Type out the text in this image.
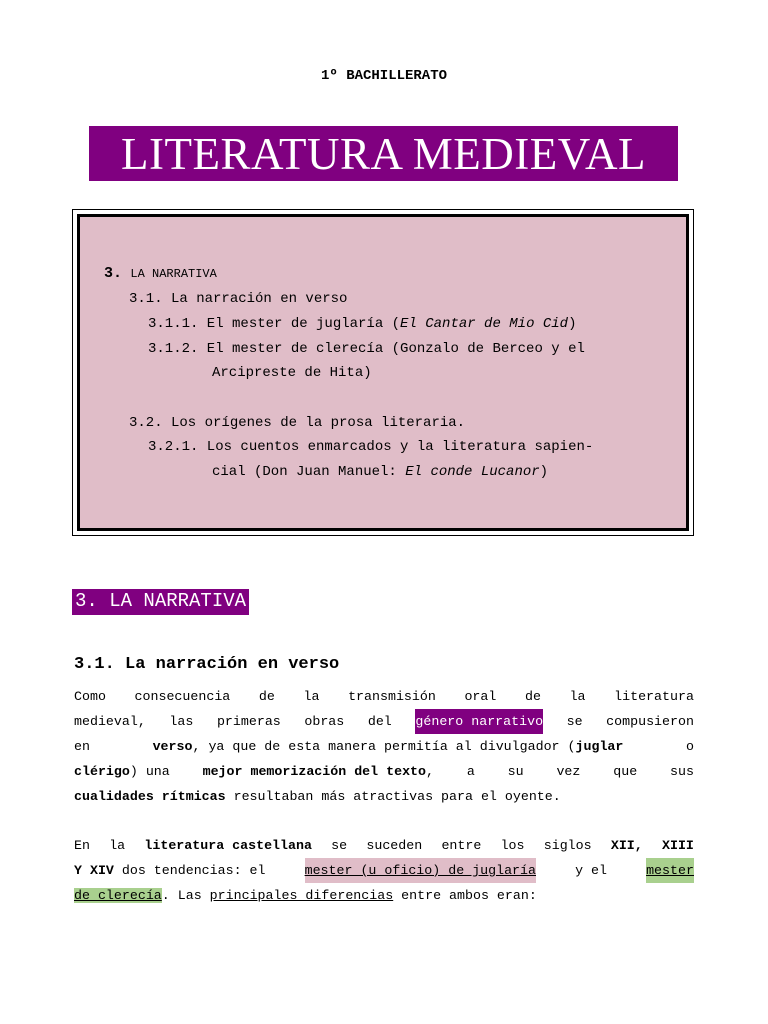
1º BACHILLERATO
LITERATURA MEDIEVAL
3. LA NARRATIVA
3.1. La narración en verso
3.1.1. El mester de juglaría (El Cantar de Mio Cid)
3.1.2. El mester de clerecía (Gonzalo de Berceo y el
Arcipreste de Hita)
3.2. Los orígenes de la prosa literaria.
3.2.1. Los cuentos enmarcados y la literatura sapien-
cial (Don Juan Manuel: El conde Lucanor)
3. LA NARRATIVA
3.1. La narración en verso
Como consecuencia de la transmisión oral de la literatura
medieval, las primeras obras del género narrativo se compusieron
en	verso, ya que de esta manera permitía al divulgador (juglar	o
clérigo) una mejor memorización del texto, a su vez que sus
cualidades rítmicas resultaban más atractivas para el oyente.
En la literatura castellana se suceden entre los siglos XII, XIII
Y XIV dos tendencias: el mester (u oficio) de juglaría y el mester
de clerecía. Las principales diferencias entre ambos eran:
